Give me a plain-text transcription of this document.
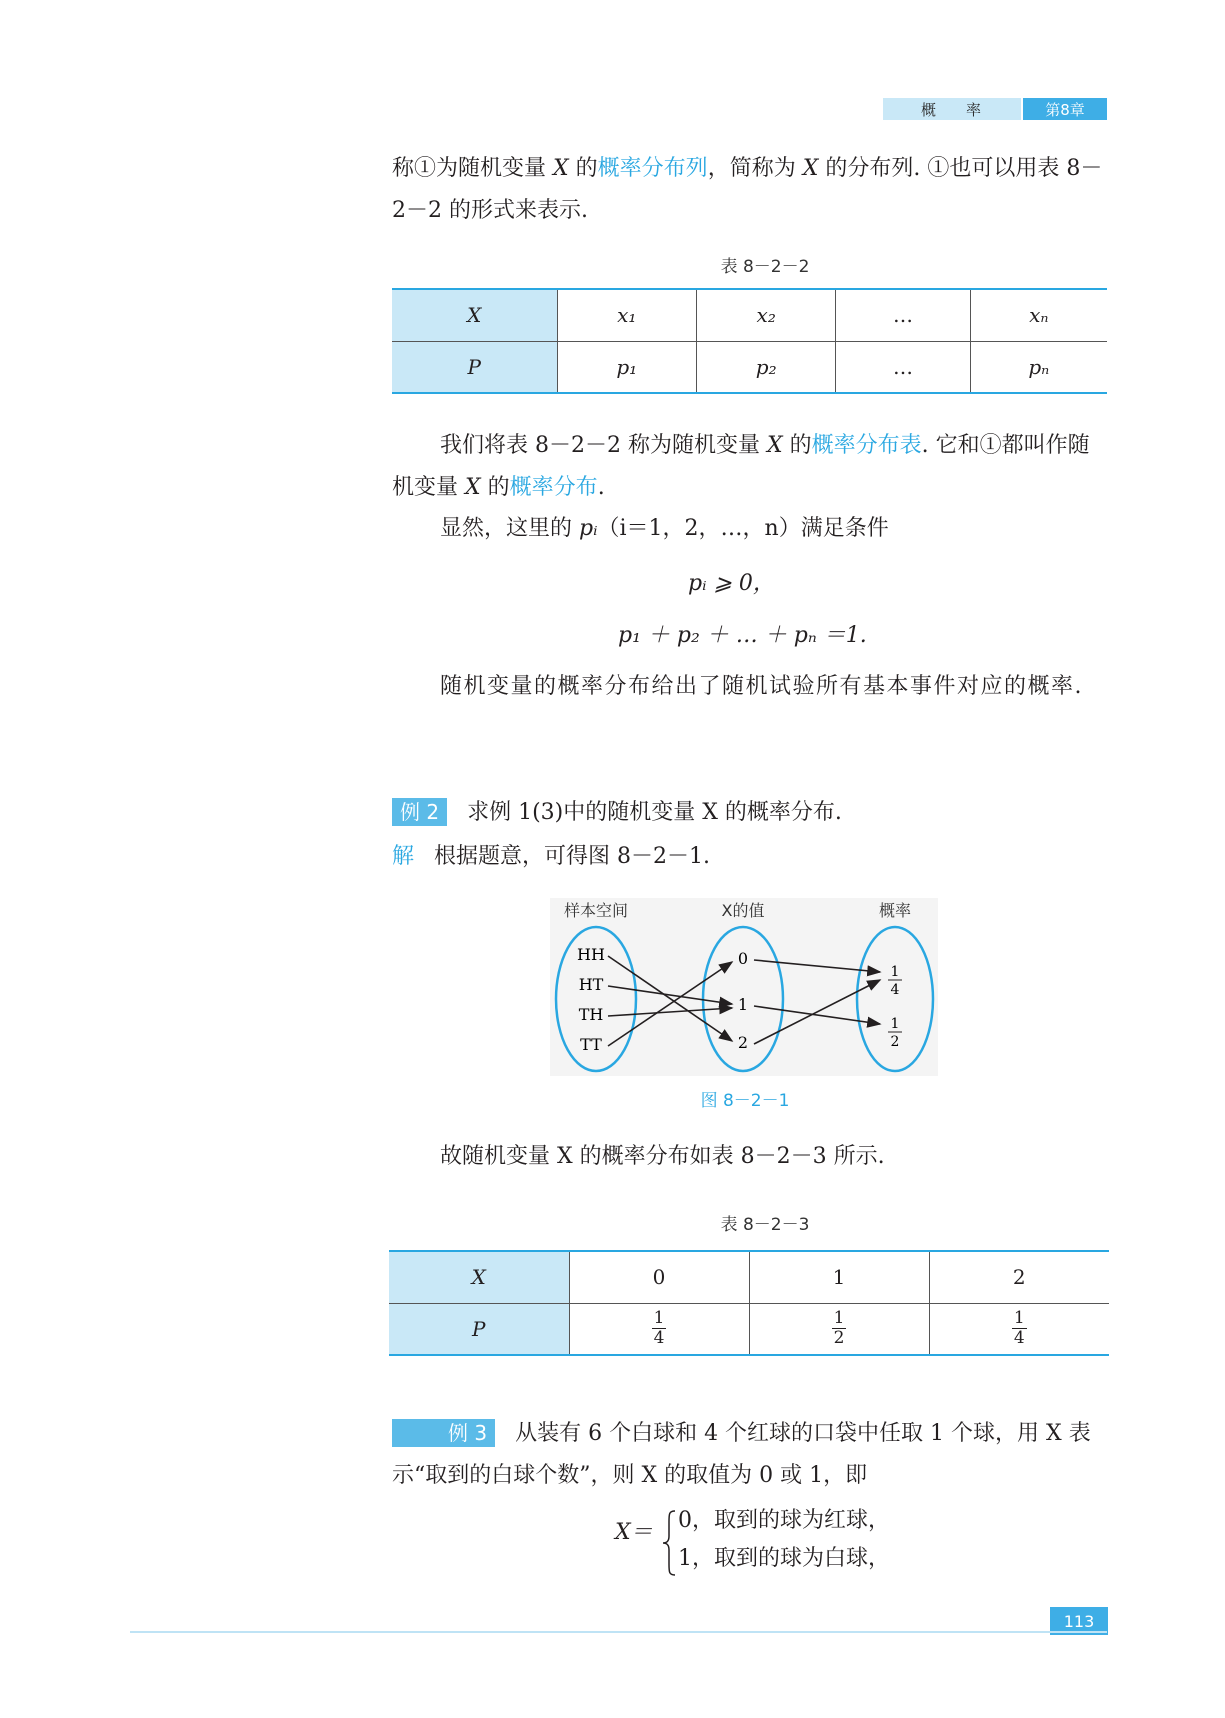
概率	第8章
称①为随机变量 X 的概率分布列，简称为 X 的分布列. ①也可以用表 8－2－2 的形式来表示.
表 8－2－2
X	x₁	x₂	…	xₙ
P	p₁	p₂	…	pₙ
我们将表 8－2－2 称为随机变量 X 的概率分布表. 它和①都叫作随机变量 X 的概率分布.
显然，这里的 pᵢ（i＝1，2，…，n）满足条件
pᵢ ⩾ 0，
p₁ ＋ p₂ ＋ … ＋ pₙ ＝1.
随机变量的概率分布给出了随机试验所有基本事件对应的概率.
例 2 求例 1(3)中的随机变量 X 的概率分布.
解 根据题意，可得图 8－2－1.
样本空间	X的值	概率
HH
HT
TH
TT
0
1
2
1
4
1
2
图 8－2－1
故随机变量 X 的概率分布如表 8－2－3 所示.
表 8－2－3
X	0	1	2
P	$\frac{1}{4}$	$\frac{1}{2}$	$\frac{1}{4}$
例 3 从装有 6 个白球和 4 个红球的口袋中任取 1 个球，用 X 表示“取到的白球个数”，则 X 的取值为 0 或 1，即
X＝ 0，取到的球为红球，
1，取到的球为白球，
113
